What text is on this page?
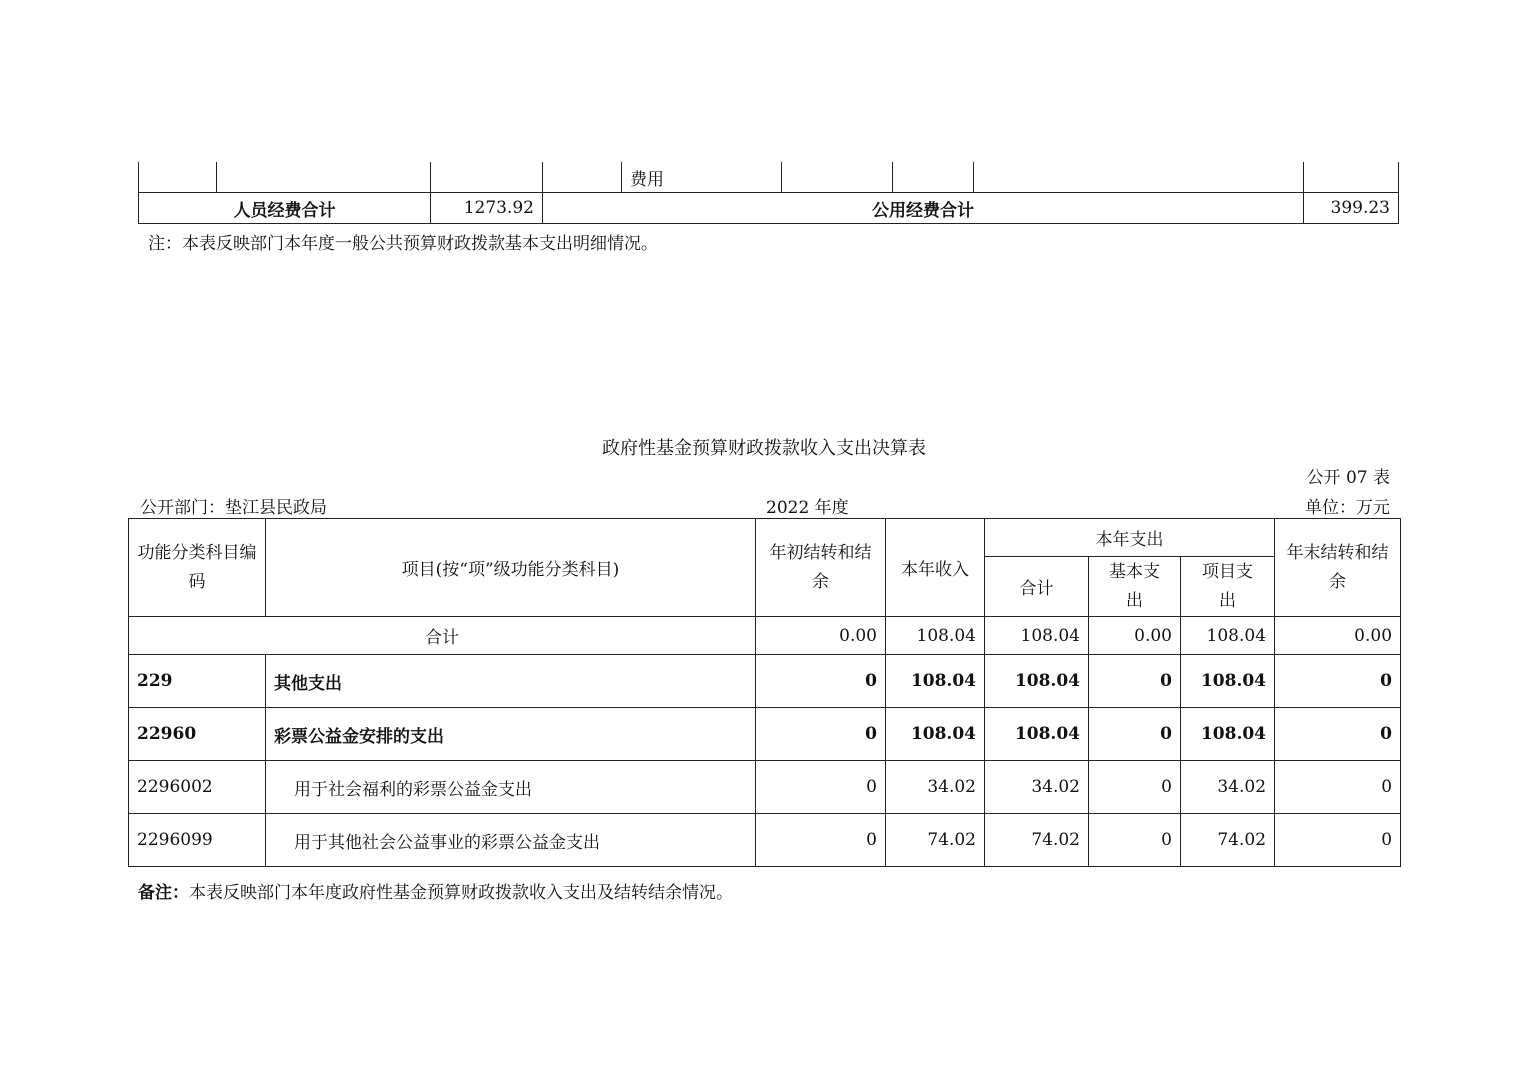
				费用				
人员经费合计		1273.92	公用经费合计					399.23
注：本表反映部门本年度一般公共预算财政拨款基本支出明细情况。
政府性基金预算财政拨款收入支出决算表
公开 07 表
公开部门：垫江县民政局	2022 年度	单位：万元
功能分类科目编码	项目(按“项”级功能分类科目)	年初结转和结余	本年收入	本年支出			年末结转和结余
				合计	基本支出	项目支出	
合计		0.00	108.04	108.04	0.00	108.04	0.00
229	其他支出	0	108.04	108.04	0	108.04	0
22960	彩票公益金安排的支出	0	108.04	108.04	0	108.04	0
2296002	用于社会福利的彩票公益金支出	0	34.02	34.02	0	34.02	0
2296099	用于其他社会公益事业的彩票公益金支出	0	74.02	74.02	0	74.02	0
备注：本表反映部门本年度政府性基金预算财政拨款收入支出及结转结余情况。
